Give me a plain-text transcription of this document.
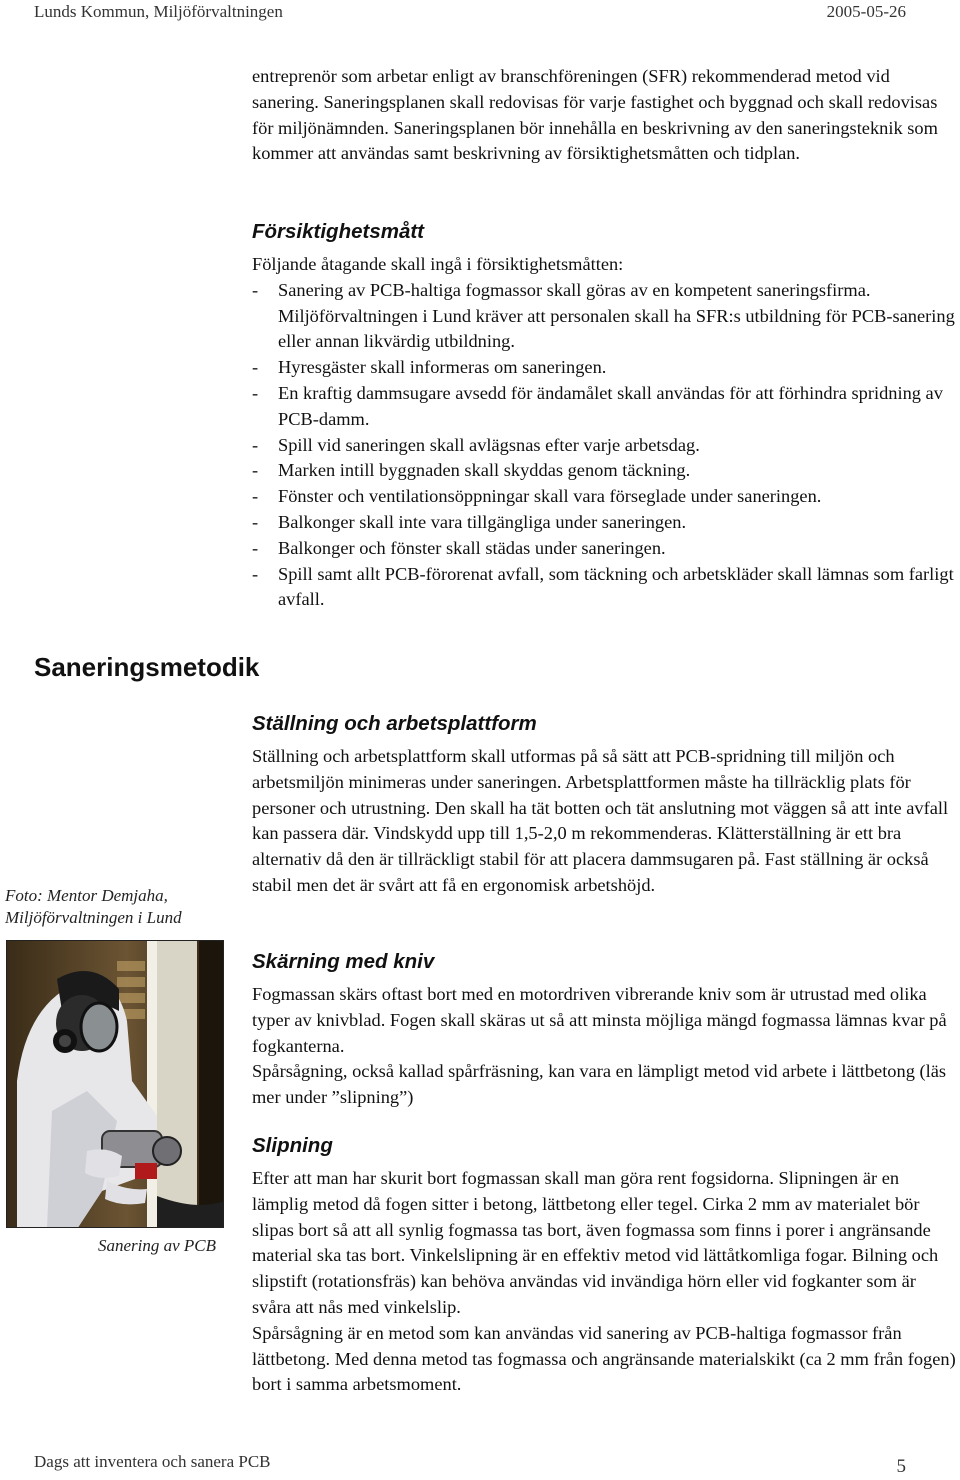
Lunds Kommun, Miljöförvaltningen	2005-05-26

entreprenör som arbetar enligt av branschföreningen (SFR) rekommenderad metod vid sanering. Saneringsplanen skall redovisas för varje fastighet och byggnad och skall redovisas för miljönämnden. Saneringsplanen bör innehålla en beskrivning av den saneringsteknik som kommer att användas samt beskrivning av försiktighetsmåtten och tidplan.

Försiktighetsmått

Följande åtagande skall ingå i försiktighetsmåtten:

- Sanering av PCB-haltiga fogmassor skall göras av en kompetent saneringsfirma. Miljöförvaltningen i Lund kräver att personalen skall ha SFR:s utbildning för PCB-sanering eller annan likvärdig utbildning.
- Hyresgäster skall informeras om saneringen.
- En kraftig dammsugare avsedd för ändamålet skall användas för att förhindra spridning av PCB-damm.
- Spill vid saneringen skall avlägsnas efter varje arbetsdag.
- Marken intill byggnaden skall skyddas genom täckning.
- Fönster och ventilationsöppningar skall vara förseglade under saneringen.
- Balkonger skall inte vara tillgängliga under saneringen.
- Balkonger och fönster skall städas under saneringen.
- Spill samt allt PCB-förorenat avfall, som täckning och arbetskläder skall lämnas som farligt avfall.
Saneringsmetodik
Ställning och arbetsplattform

Ställning och arbetsplattform skall utformas på så sätt att PCB-spridning till miljön och arbetsmiljön minimeras under saneringen. Arbetsplattformen måste ha tillräcklig plats för personer och utrustning. Den skall ha tät botten och tät anslutning mot väggen så att inte avfall kan passera där. Vindskydd upp till 1,5-2,0 m rekommenderas. Klätterställning är ett bra alternativ då den är tillräckligt stabil för att placera dammsugaren på. Fast ställning är också stabil men det är svårt att få en ergonomisk arbetshöjd.

Foto: Mentor Demjaha,
Miljöförvaltningen i Lund
Sanering av PCB
Skärning med kniv

Fogmassan skärs oftast bort med en motordriven vibrerande kniv som är utrustad med olika typer av knivblad. Fogen skall skäras ut så att minsta möjliga mängd fogmassa lämnas kvar på fogkanterna.

Spårsågning, också kallad spårfräsning, kan vara en lämpligt metod vid arbete i lättbetong (läs mer under ”slipning”)

Slipning

Efter att man har skurit bort fogmassan skall man göra rent fogsidorna. Slipningen är en lämplig metod då fogen sitter i betong, lättbetong eller tegel. Cirka 2 mm av materialet bör slipas bort så att all synlig fogmassa tas bort, även fogmassa som finns i porer i angränsande material ska tas bort. Vinkelslipning är en effektiv metod vid lättåtkomliga fogar. Bilning och slipstift (rotationsfräs) kan behöva användas vid invändiga hörn eller vid fogkanter som är svåra att nås med vinkelslip.

Spårsågning är en metod som kan användas vid sanering av PCB-haltiga fogmassor från lättbetong. Med denna metod tas fogmassa och angränsande materialskikt (ca 2 mm från fogen) bort i samma arbetsmoment.

Dags att inventera och sanera PCB	5
